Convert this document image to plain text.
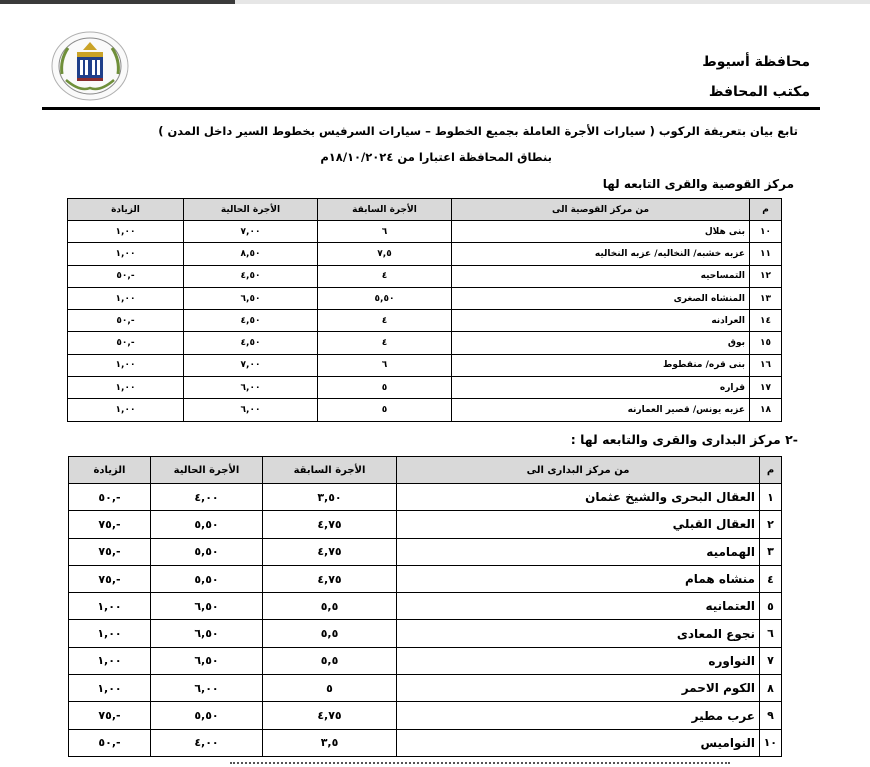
محافظة أسيوط
مكتب المحافظ
تابع بيان بتعريفة الركوب ( سيارات الأجرة العاملة بجميع الخطوط – سيارات السرفيس بخطوط السير داخل المدن )
بنطاق المحافظة اعتبارا من ١٨/١٠/٢٠٢٤م
مركز القوصية والقرى التابعه لها
م	من مركز القوصية الى	الأجرة السابقة	الأجرة الحالية	الزيادة
١٠	بنى هلال	٦	٧,٠٠	١,٠٠
١١	عزبه خشبه/ النخاليه/ عزبه النخاليه	٧,٥	٨,٥٠	١,٠٠
١٢	التمساحيه	٤	٤,٥٠	-,٥٠
١٣	المنشاه الصغرى	٥,٥٠	٦,٥٠	١,٠٠
١٤	العرادنه	٤	٤,٥٠	-,٥٠
١٥	بوق	٤	٤,٥٠	-,٥٠
١٦	بنى قره/ منقطوط	٦	٧,٠٠	١,٠٠
١٧	قراره	٥	٦,٠٠	١,٠٠
١٨	عزبه يونس/ قصير العمارنه	٥	٦,٠٠	١,٠٠
-٢ مركز البدارى والقرى والتابعه لها :
م	من مركز البدارى الى	الأجرة السابقة	الأجرة الحالية	الزيادة
١	العقال البحرى والشيخ عثمان	٣,٥٠	٤,٠٠	-,٥٠
٢	العقال القبلي	٤,٧٥	٥,٥٠	-,٧٥
٣	الهماميه	٤,٧٥	٥,٥٠	-,٧٥
٤	منشاه همام	٤,٧٥	٥,٥٠	-,٧٥
٥	العتمانيه	٥,٥	٦,٥٠	١,٠٠
٦	نجوع المعادى	٥,٥	٦,٥٠	١,٠٠
٧	النواوره	٥,٥	٦,٥٠	١,٠٠
٨	الكوم الاحمر	٥	٦,٠٠	١,٠٠
٩	عرب مطير	٤,٧٥	٥,٥٠	-,٧٥
١٠	النواميس	٣,٥	٤,٠٠	-,٥٠
